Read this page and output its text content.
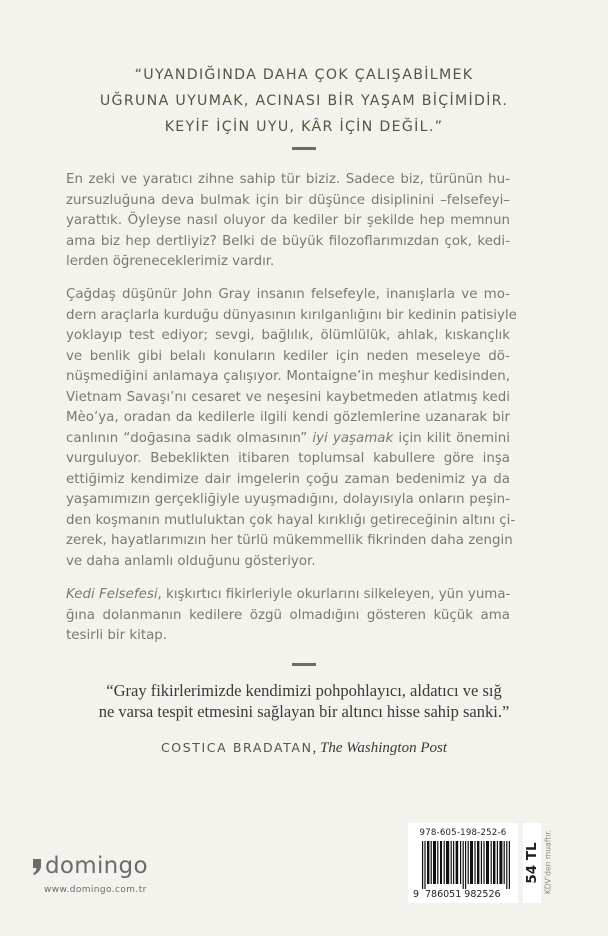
“UYANDIĞINDA DAHA ÇOK ÇALIŞABİLMEK
UĞRUNA UYUMAK, ACINASI BİR YAŞAM BİÇİMİDİR.
KEYİF İÇİN UYU, KÂR İÇİN DEĞİL.”
En zeki ve yaratıcı zihne sahip tür biziz. Sadece biz, türünün hu-
zursuzluğuna deva bulmak için bir düşünce disiplinini –felsefeyi–
yarattık. Öyleyse nasıl oluyor da kediler bir şekilde hep memnun
ama biz hep dertliyiz? Belki de büyük filozoflarımızdan çok, kedi-
lerden öğreneceklerimiz vardır.
Çağdaş düşünür John Gray insanın felsefeyle, inanışlarla ve mo-
dern araçlarla kurduğu dünyasının kırılganlığını bir kedinin patisiyle
yoklayıp test ediyor; sevgi, bağlılık, ölümlülük, ahlak, kıskançlık
ve benlik gibi belalı konuların kediler için neden meseleye dö-
nüşmediğini anlamaya çalışıyor. Montaigne’in meşhur kedisinden,
Vietnam Savaşı’nı cesaret ve neşesini kaybetmeden atlatmış kedi
Mèo’ya, oradan da kedilerle ilgili kendi gözlemlerine uzanarak bir
canlının “doğasına sadık olmasının” iyi yaşamak için kilit önemini
vurguluyor. Bebeklikten itibaren toplumsal kabullere göre inşa
ettiğimiz kendimize dair imgelerin çoğu zaman bedenimiz ya da
yaşamımızın gerçekliğiyle uyuşmadığını, dolayısıyla onların peşin-
den koşmanın mutluluktan çok hayal kırıklığı getireceğinin altını çi-
zerek, hayatlarımızın her türlü mükemmellik fikrinden daha zengin
ve daha anlamlı olduğunu gösteriyor.
Kedi Felsefesi, kışkırtıcı fikirleriyle okurlarını silkeleyen, yün yuma-
ğına dolanmanın kedilere özgü olmadığını gösteren küçük ama
tesirli bir kitap.
“Gray fikirlerimizde kendimizi pohpohlayıcı, aldatıcı ve sığ
ne varsa tespit etmesini sağlayan bir altıncı hisse sahip sanki.”
COSTICA BRADATAN, The Washington Post
domingo
www.domingo.com.tr
978-605-198-252-6
9 786051 982526
54 TL KDV’den muaftır.
